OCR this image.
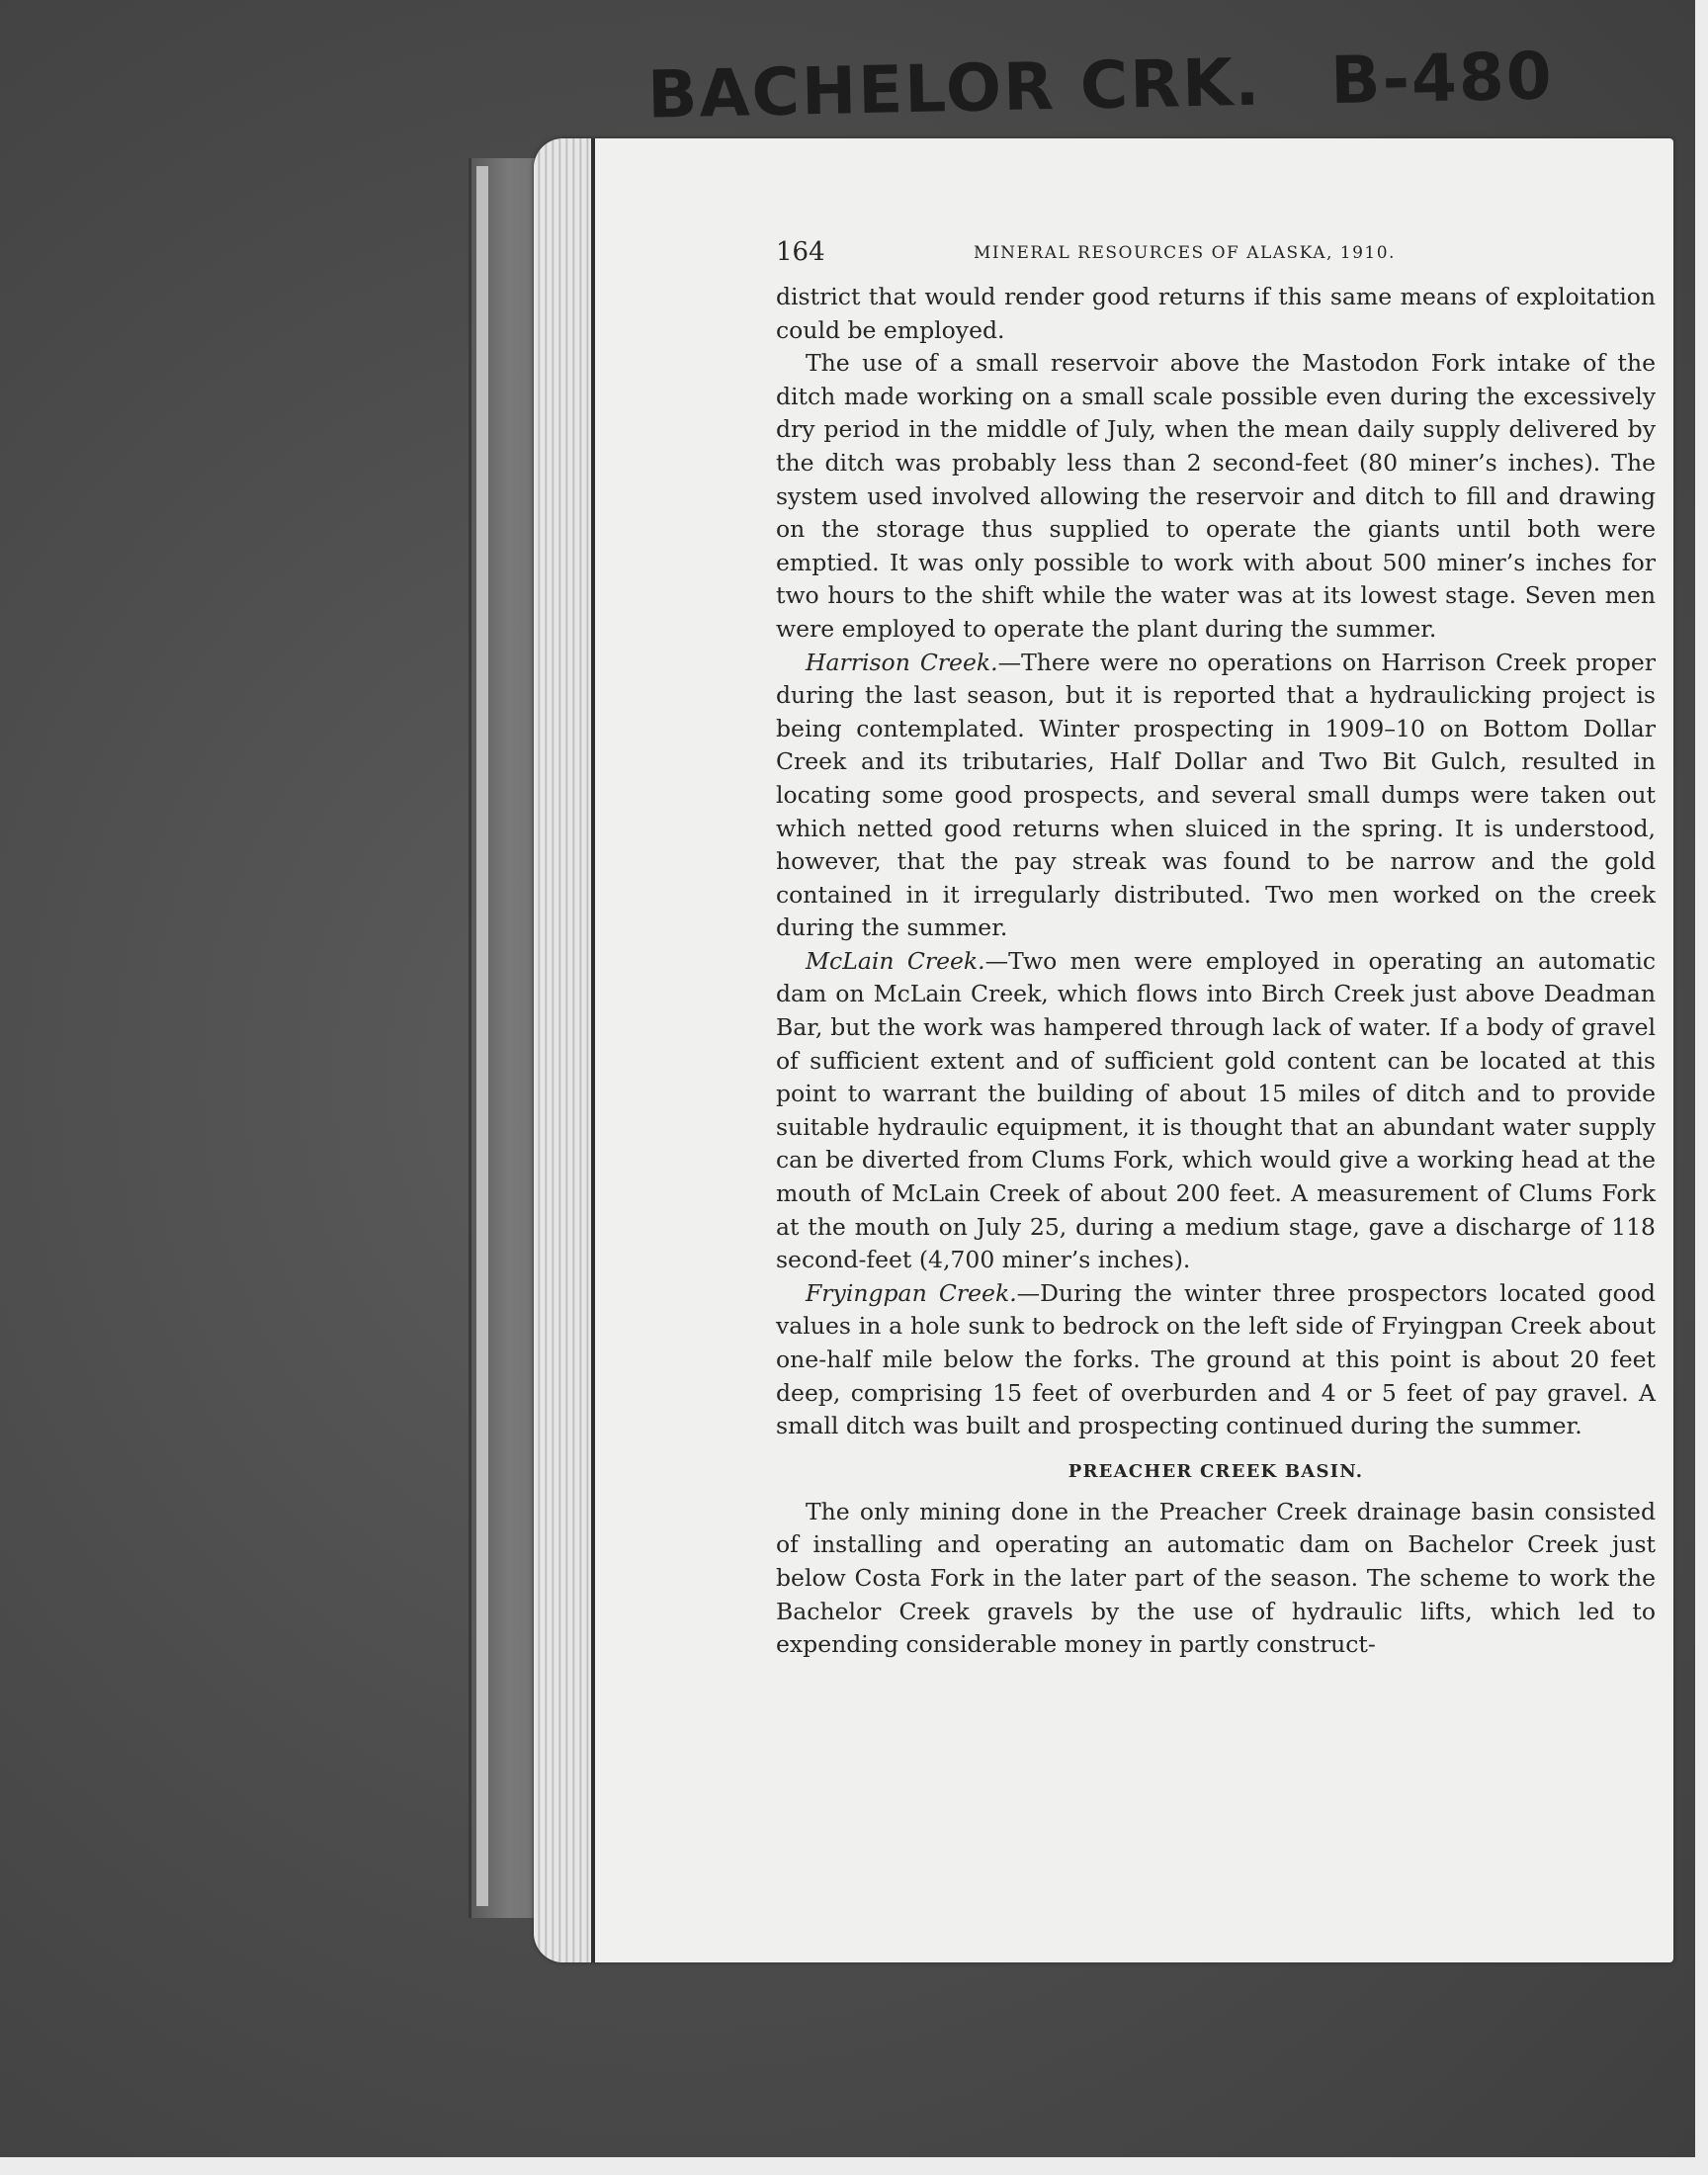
BACHELOR CRK. B-480
164	MINERAL RESOURCES OF ALASKA, 1910.

district that would render good returns if this same means of exploitation could be employed.

The use of a small reservoir above the Mastodon Fork intake of the ditch made working on a small scale possible even during the excessively dry period in the middle of July, when the mean daily supply delivered by the ditch was probably less than 2 second-feet (80 miner’s inches). The system used involved allowing the reservoir and ditch to fill and drawing on the storage thus supplied to operate the giants until both were emptied. It was only possible to work with about 500 miner’s inches for two hours to the shift while the water was at its lowest stage. Seven men were employed to operate the plant during the summer.

Harrison Creek.—There were no operations on Harrison Creek proper during the last season, but it is reported that a hydraulicking project is being contemplated. Winter prospecting in 1909–10 on Bottom Dollar Creek and its tributaries, Half Dollar and Two Bit Gulch, resulted in locating some good prospects, and several small dumps were taken out which netted good returns when sluiced in the spring. It is understood, however, that the pay streak was found to be narrow and the gold contained in it irregularly distributed. Two men worked on the creek during the summer.

McLain Creek.—Two men were employed in operating an automatic dam on McLain Creek, which flows into Birch Creek just above Deadman Bar, but the work was hampered through lack of water. If a body of gravel of sufficient extent and of sufficient gold content can be located at this point to warrant the building of about 15 miles of ditch and to provide suitable hydraulic equipment, it is thought that an abundant water supply can be diverted from Clums Fork, which would give a working head at the mouth of McLain Creek of about 200 feet. A measurement of Clums Fork at the mouth on July 25, during a medium stage, gave a discharge of 118 second-feet (4,700 miner’s inches).

Fryingpan Creek.—During the winter three prospectors located good values in a hole sunk to bedrock on the left side of Fryingpan Creek about one-half mile below the forks. The ground at this point is about 20 feet deep, comprising 15 feet of overburden and 4 or 5 feet of pay gravel. A small ditch was built and prospecting continued during the summer.

PREACHER CREEK BASIN.

The only mining done in the Preacher Creek drainage basin consisted of installing and operating an automatic dam on Bachelor Creek just below Costa Fork in the later part of the season. The scheme to work the Bachelor Creek gravels by the use of hydraulic lifts, which led to expending considerable money in partly construct-
